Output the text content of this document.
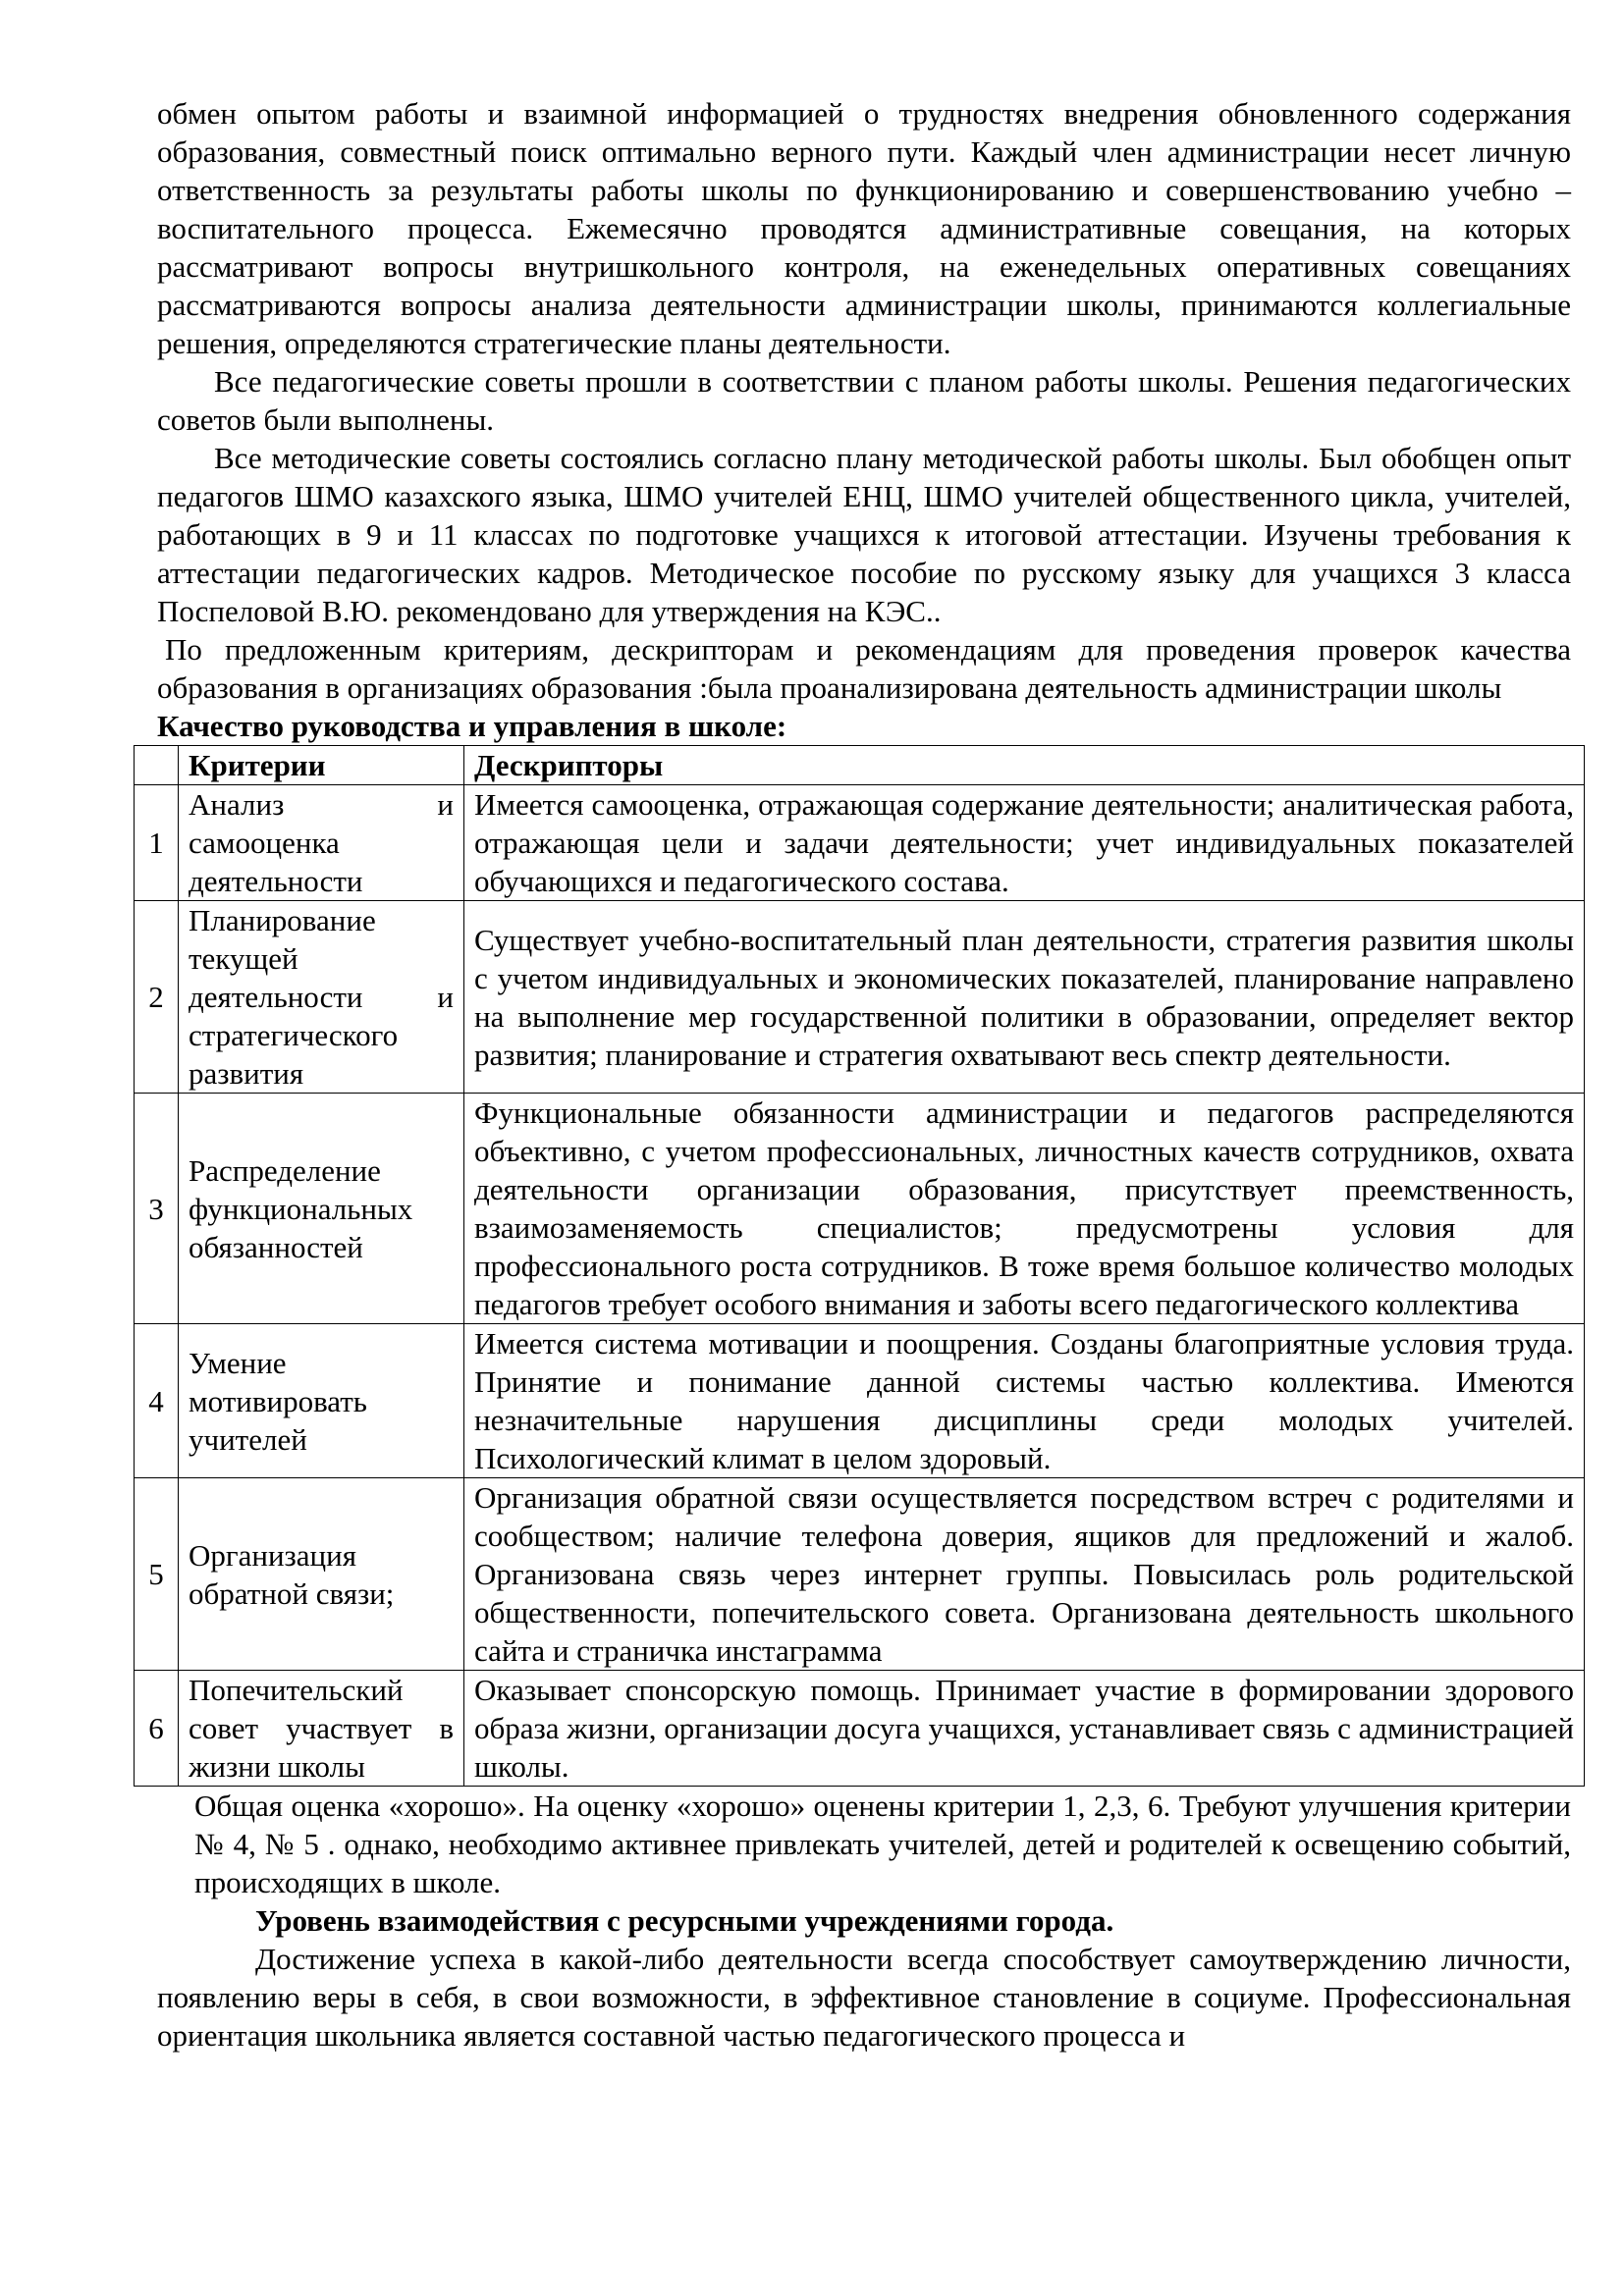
обмен опытом работы и взаимной информацией о трудностях внедрения обновленного содержания образования, совместный поиск оптимально верного пути. Каждый член администрации несет личную ответственность за результаты работы школы по функционированию и совершенствованию учебно – воспитательного процесса. Ежемесячно проводятся административные совещания, на которых рассматривают вопросы внутришкольного контроля, на еженедельных оперативных совещаниях рассматриваются вопросы анализа деятельности администрации школы, принимаются коллегиальные решения, определяются стратегические планы деятельности.

Все педагогические советы прошли в соответствии с планом работы школы. Решения педагогических советов были выполнены.

Все методические советы состоялись согласно плану методической работы школы. Был обобщен опыт педагогов ШМО казахского языка, ШМО учителей ЕНЦ, ШМО учителей общественного цикла, учителей, работающих в 9 и 11 классах по подготовке учащихся к итоговой аттестации. Изучены требования к аттестации педагогических кадров. Методическое пособие по русскому языку для учащихся 3 класса Поспеловой В.Ю. рекомендовано для утверждения на КЭС..

По предложенным критериям, дескрипторам и рекомендациям для проведения проверок качества образования в организациях образования :была проанализирована деятельность администрации школы

Качество руководства и управления в школе:

	Критерии	Дескрипторы
1	Анализ и самооценка деятельности	Имеется самооценка, отражающая содержание деятельности; аналитическая работа, отражающая цели и задачи деятельности; учет индивидуальных показателей обучающихся и педагогического состава.
2	Планирование текущей деятельности и стратегического развития	Существует учебно-воспитательный план деятельности, стратегия развития школы с учетом индивидуальных и экономических показателей, планирование направлено на выполнение мер государственной политики в образовании, определяет вектор развития; планирование и стратегия охватывают весь спектр деятельности.
3	Распределение функциональных обязанностей	Функциональные обязанности администрации и педагогов распределяются объективно, с учетом профессиональных, личностных качеств сотрудников, охвата деятельности организации образования, присутствует преемственность, взаимозаменяемость специалистов; предусмотрены условия для профессионального роста сотрудников. В тоже время большое количество молодых педагогов требует особого внимания и заботы всего педагогического коллектива
4	Умение мотивировать учителей	Имеется система мотивации и поощрения. Созданы благоприятные условия труда. Принятие и понимание данной системы частью коллектива. Имеются незначительные нарушения дисциплины среди молодых учителей. Психологический климат в целом здоровый.
5	Организация обратной связи;	Организация обратной связи осуществляется посредством встреч с родителями и сообществом; наличие телефона доверия, ящиков для предложений и жалоб. Организована связь через интернет группы. Повысилась роль родительской общественности, попечительского совета. Организована деятельность школьного сайта и страничка инстаграмма
6	Попечительский совет участвует в жизни школы	Оказывает спонсорскую помощь. Принимает участие в формировании здорового образа жизни, организации досуга учащихся, устанавливает связь с администрацией школы.

Общая оценка «хорошо». На оценку «хорошо» оценены критерии 1, 2,3, 6. Требуют улучшения критерии № 4, № 5 . однако, необходимо активнее привлекать учителей, детей и родителей к освещению событий, происходящих в школе.

Уровень взаимодействия с ресурсными учреждениями города.

Достижение успеха в какой-либо деятельности всегда способствует самоутверждению личности, появлению веры в себя, в свои возможности, в эффективное становление в социуме. Профессиональная ориентация школьника является составной частью педагогического процесса и
